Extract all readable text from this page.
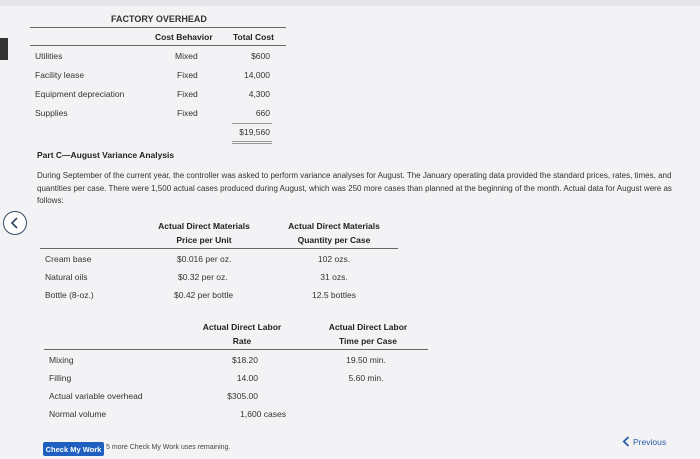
FACTORY OVERHEAD
Cost Behavior Total Cost
Utilities	Mixed	$600
Facility lease	Fixed	14,000
Equipment depreciation	Fixed	4,300
Supplies	Fixed	660
$19,560
Part C—August Variance Analysis
During September of the current year, the controller was asked to perform variance analyses for August. The January operating data provided the standard prices, rates, times, and quantities per case. There were 1,500 actual cases produced during August, which was 250 more cases than planned at the beginning of the month. Actual data for August were as follows:
Actual Direct Materials
Price per Unit
Actual Direct Materials
Quantity per Case
Cream base	$0.016 per oz.	102 ozs.
Natural oils	$0.32 per oz.	31 ozs.
Bottle (8-oz.)	$0.42 per bottle	12.5 bottles
Actual Direct Labor
Rate
Actual Direct Labor
Time per Case
Mixing	$18.20	19.50 min.
Filling	14.00	5.60 min.
Actual variable overhead	$305.00
Normal volume	1,600 cases
Check My Work 5 more Check My Work uses remaining.
Previous
